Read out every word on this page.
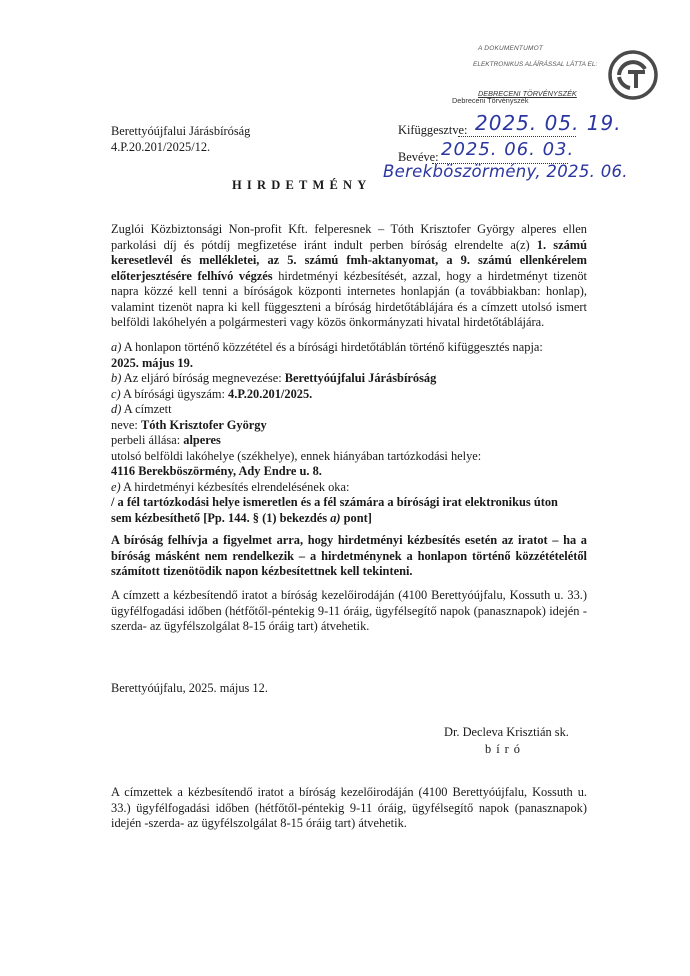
A DOKUMENTUMOT
ELEKTRONIKUS ALÁÍRÁSSAL LÁTTA EL:
DEBRECENI TÖRVÉNYSZÉK
Debreceni Törvényszék
Berettyóújfalui Járásbíróság
4.P.20.201/2025/12.
Kifüggesztve: 2025. 05. 19.
Bevéve: 2025. 06. 03.
Berekböszörmény, 2025. 06.
HIRDETMÉNY
Zuglói Közbiztonsági Non-profit Kft. felperesnek – Tóth Krisztofer György alperes ellen parkolási díj és pótdíj megfizetése iránt indult perben bíróság elrendelte a(z) 1. számú keresetlevél és mellékletei, az 5. számú fmh-aktanyomat, a 9. számú ellenkérelem előterjesztésére felhívó végzés hirdetményi kézbesítését, azzal, hogy a hirdetményt tizenöt napra közzé kell tenni a bíróságok központi internetes honlapján (a továbbiakban: honlap), valamint tizenöt napra ki kell függeszteni a bíróság hirdetőtáblájára és a címzett utolsó ismert belföldi lakóhelyén a polgármesteri vagy közös önkormányzati hivatal hirdetőtáblájára.
a) A honlapon történő közzététel és a bírósági hirdetőtáblán történő kifüggesztés napja:
2025. május 19.
b) Az eljáró bíróság megnevezése: Berettyóújfalui Járásbíróság
c) A bírósági ügyszám: 4.P.20.201/2025.
d) A címzett
neve: Tóth Krisztofer György
perbeli állása: alperes
utolsó belföldi lakóhelye (székhelye), ennek hiányában tartózkodási helye:
4116 Berekböszörmény, Ady Endre u. 8.
e) A hirdetményi kézbesítés elrendelésének oka:
/ a fél tartózkodási helye ismeretlen és a fél számára a bírósági irat elektronikus úton
sem kézbesíthető [Pp. 144. § (1) bekezdés a) pont]
A bíróság felhívja a figyelmet arra, hogy hirdetményi kézbesítés esetén az iratot – ha a bíróság másként nem rendelkezik – a hirdetménynek a honlapon történő közzétételétől számított tizenötödik napon kézbesítettnek kell tekinteni.
A címzett a kézbesítendő iratot a bíróság kezelőirodáján (4100 Berettyóújfalu, Kossuth u. 33.) ügyfélfogadási időben (hétfőtől-péntekig 9-11 óráig, ügyfélsegítő napok (panasznapok) idején -szerda- az ügyfélszolgálat 8-15 óráig tart) átvehetik.
Berettyóújfalu, 2025. május 12.
Dr. Decleva Krisztián sk.
bíró
A címzettek a kézbesítendő iratot a bíróság kezelőirodáján (4100 Berettyóújfalu, Kossuth u. 33.) ügyfélfogadási időben (hétfőtől-péntekig 9-11 óráig, ügyfélsegítő napok (panasznapok) idején -szerda- az ügyfélszolgálat 8-15 óráig tart) átvehetik.
